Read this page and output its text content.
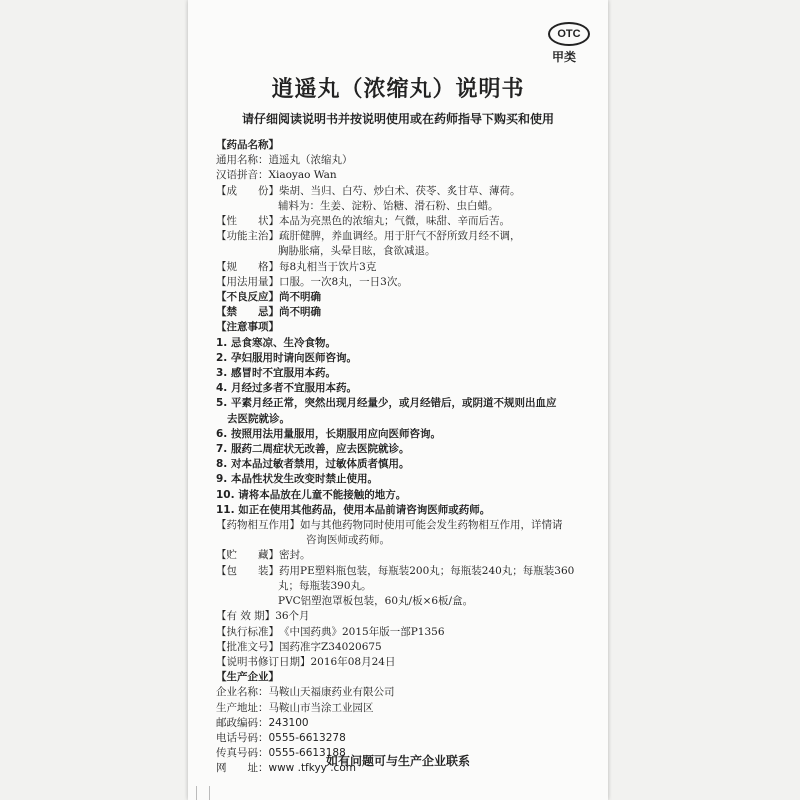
OTC
甲类
逍遥丸（浓缩丸）说明书
请仔细阅读说明书并按说明使用或在药师指导下购买和使用
【药品名称】
通用名称： 逍遥丸（浓缩丸）
汉语拼音： Xiaoyao Wan
【成　　份】 柴胡、当归、白芍、炒白术、茯苓、炙甘草、薄荷。
辅料为：生姜、淀粉、饴糖、滑石粉、虫白蜡。
【性　　状】 本品为亮黑色的浓缩丸；气微，味甜、辛而后苦。
【功能主治】 疏肝健脾，养血调经。用于肝气不舒所致月经不调，
胸胁胀痛，头晕目眩，食欲减退。
【规　　格】 每8丸相当于饮片3克
【用法用量】 口服。一次8丸，一日3次。
【不良反应】 尚不明确
【禁　　忌】 尚不明确
【注意事项】
1. 忌食寒凉、生冷食物。
2. 孕妇服用时请向医师咨询。
3. 感冒时不宜服用本药。
4. 月经过多者不宜服用本药。
5. 平素月经正常，突然出现月经量少，或月经错后，或阴道不规则出血应

去医院就诊。
6. 按照用法用量服用，长期服用应向医师咨询。
7. 服药二周症状无改善，应去医院就诊。
8. 对本品过敏者禁用，过敏体质者慎用。
9. 本品性状发生改变时禁止使用。
10. 请将本品放在儿童不能接触的地方。
11. 如正在使用其他药品，使用本品前请咨询医师或药师。
【药物相互作用】 如与其他药物同时使用可能会发生药物相互作用，详情请
咨询医师或药师。
【贮　　藏】 密封。
【包　　装】 药用PE塑料瓶包装，每瓶装200丸；每瓶装240丸；每瓶装360
丸；每瓶装390丸。
PVC铝塑泡罩板包装，60丸/板×6板/盒。
【有 效 期】 36个月
【执行标准】 《中国药典》2015年版一部P1356
【批准文号】 国药准字Z34020675
【说明书修订日期】 2016年08月24日
【生产企业】
企业名称： 马鞍山天福康药业有限公司
生产地址： 马鞍山市当涂工业园区
邮政编码： 243100
电话号码： 0555-6613278
传真号码： 0555-6613188
网　　址： www .tfkyy .com
如有问题可与生产企业联系
